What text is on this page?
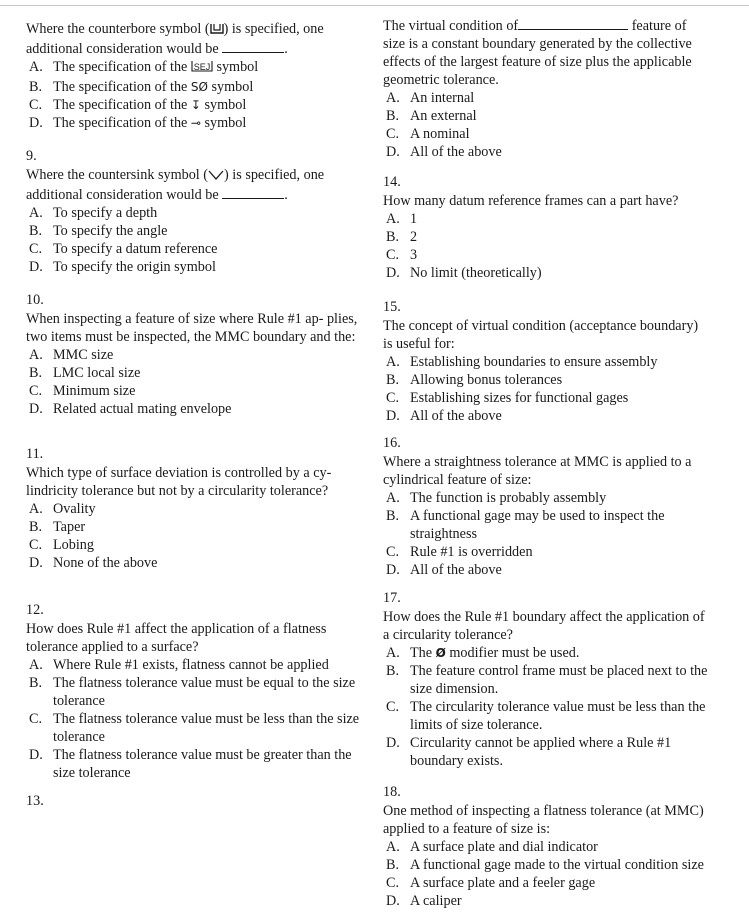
Where the counterbore symbol ( ) is specified, one additional consideration would be	.
A. The specification of the SEJ symbol
B. The specification of the SØ symbol
C. The specification of the ↧ symbol
D. The specification of the ⊸ symbol
9.
Where the countersink symbol ( ) is specified, one additional consideration would be	.
A. To specify a depth
B. To specify the angle
C. To specify a datum reference
D. To specify the origin symbol
10.
When inspecting a feature of size where Rule #1 ap- plies, two items must be inspected, the MMC boundary and the:
A. MMC size
B. LMC local size
C. Minimum size
D. Related actual mating envelope
11.
Which type of surface deviation is controlled by a cy- lindricity tolerance but not by a circularity tolerance?
A. Ovality
B. Taper
C. Lobing
D. None of the above
12.
How does Rule #1 affect the application of a flatness tolerance applied to a surface?
A. Where Rule #1 exists, flatness cannot be applied
B. The flatness tolerance value must be equal to the size tolerance
C. The flatness tolerance value must be less than the size tolerance
D. The flatness tolerance value must be greater than the size tolerance
13.
The virtual condition of	feature of size is a constant boundary generated by the collective effects of the largest feature of size plus the applicable geometric tolerance.
A. An internal
B. An external
C. A nominal
D. All of the above
14.
How many datum reference frames can a part have?
A. 1
B. 2
C. 3
D. No limit (theoretically)
15.
The concept of virtual condition (acceptance boundary) is useful for:
A. Establishing boundaries to ensure assembly
B. Allowing bonus tolerances
C. Establishing sizes for functional gages
D. All of the above
16.
Where a straightness tolerance at MMC is applied to a cylindrical feature of size:
A. The function is probably assembly
B. A functional gage may be used to inspect the straightness
C. Rule #1 is overridden
D. All of the above
17.
How does the Rule #1 boundary affect the application of a circularity tolerance?
A. The Ø modifier must be used.
B. The feature control frame must be placed next to the size dimension.
C. The circularity tolerance value must be less than the limits of size tolerance.
D. Circularity cannot be applied where a Rule #1 boundary exists.
18.
One method of inspecting a flatness tolerance (at MMC) applied to a feature of size is:
A. A surface plate and dial indicator
B. A functional gage made to the virtual condition size
C. A surface plate and a feeler gage
D. A caliper
